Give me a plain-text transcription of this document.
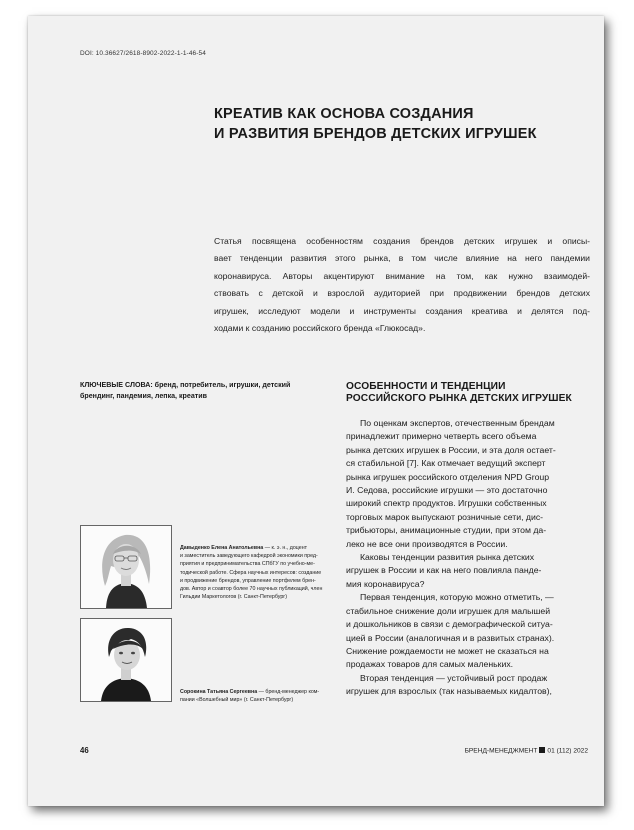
DOI: 10.36627/2618-8902-2022-1-1-46-54
КРЕАТИВ КАК ОСНОВА СОЗДАНИЯ
И РАЗВИТИЯ БРЕНДОВ ДЕТСКИХ ИГРУШЕК
Статья посвящена особенностям создания брендов детских игрушек и описы-
вает тенденции развития этого рынка, в том числе влияние на него пандемии
коронавируса. Авторы акцентируют внимание на том, как нужно взаимодей-
ствовать с детской и взрослой аудиторией при продвижении брендов детских
игрушек, исследуют модели и инструменты создания креатива и делятся под-
ходами к созданию российского бренда «Глюкосад».
КЛЮЧЕВЫЕ СЛОВА: бренд, потребитель, игрушки, детский
брендинг, пандемия, лепка, креатив
ОСОБЕННОСТИ И ТЕНДЕНЦИИ
РОССИЙСКОГО РЫНКА ДЕТСКИХ ИГРУШЕК
По оценкам экспертов, отечественным брендам
принадлежит примерно четверть всего объема
рынка детских игрушек в России, и эта доля остает-
ся стабильной [7]. Как отмечает ведущий эксперт
рынка игрушек российского отделения NPD Group
И. Седова, российские игрушки — это достаточно
широкий спектр продуктов. Игрушки собственных
торговых марок выпускают розничные сети, дис-
трибьюторы, анимационные студии, при этом да-
леко не все они производятся в России.
Каковы тенденции развития рынка детских
игрушек в России и как на него повлияла панде-
мия коронавируса?
Первая тенденция, которую можно отметить, —
стабильное снижение доли игрушек для малышей
и дошкольников в связи с демографической ситуа-
цией в России (аналогичная и в развитых странах).
Снижение рождаемости не может не сказаться на
продажах товаров для самых маленьких.
Вторая тенденция — устойчивый рост продаж
игрушек для взрослых (так называемых кидалтов),
Давыденко Елена Анатольевна — к. э. н., доцент
и заместитель заведующего кафедрой экономики пред-
приятия и предпринимательства СПбГУ по учебно-ме-
тодической работе. Сфера научных интересов: создание
и продвижение брендов, управление портфелем брен-
дов. Автор и соавтор более 70 научных публикаций, член
Гильдии Маркетологов (г. Санкт-Петербург)
Сорокина Татьяна Сергеевна — бренд-менеджер ком-
пании «Волшебный мир» (г. Санкт-Петербург)
46	БРЕНД-МЕНЕДЖМЕНТ 01 (112) 2022
